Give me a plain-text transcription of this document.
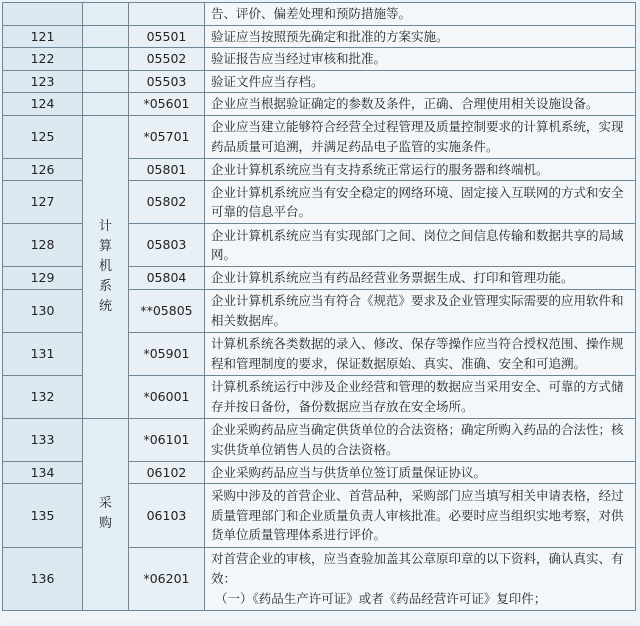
			告、评价、偏差处理和预防措施等。
121		05501	验证应当按照预先确定和批准的方案实施。
122		05502	验证报告应当经过审核和批准。
123		05503	验证文件应当存档。
124		*05601	企业应当根据验证确定的参数及条件，正确、合理使用相关设施设备。
125	计算机系统	*05701	企业应当建立能够符合经营全过程管理及质量控制要求的计算机系统，实现药品质量可追溯，并满足药品电子监管的实施条件。
126		05801	企业计算机系统应当有支持系统正常运行的服务器和终端机。
127		05802	企业计算机系统应当有安全稳定的网络环境、固定接入互联网的方式和安全可靠的信息平台。
128		05803	企业计算机系统应当有实现部门之间、岗位之间信息传输和数据共享的局域网。
129		05804	企业计算机系统应当有药品经营业务票据生成、打印和管理功能。
130		**05805	企业计算机系统应当有符合《规范》要求及企业管理实际需要的应用软件和相关数据库。
131		*05901	计算机系统各类数据的录入、修改、保存等操作应当符合授权范围、操作规程和管理制度的要求，保证数据原始、真实、准确、安全和可追溯。
132		*06001	计算机系统运行中涉及企业经营和管理的数据应当采用安全、可靠的方式储存并按日备份，备份数据应当存放在安全场所。
133	采购	*06101	企业采购药品应当确定供货单位的合法资格；确定所购入药品的合法性；核实供货单位销售人员的合法资格。
134		06102	企业采购药品应当与供货单位签订质量保证协议。
135		06103	采购中涉及的首营企业、首营品种，采购部门应当填写相关申请表格，经过质量管理部门和企业质量负责人审核批准。必要时应当组织实地考察，对供货单位质量管理体系进行评价。
136		*06201	对首营企业的审核，应当查验加盖其公章原印章的以下资料，确认真实、有效：
（一）《药品生产许可证》或者《药品经营许可证》复印件；
